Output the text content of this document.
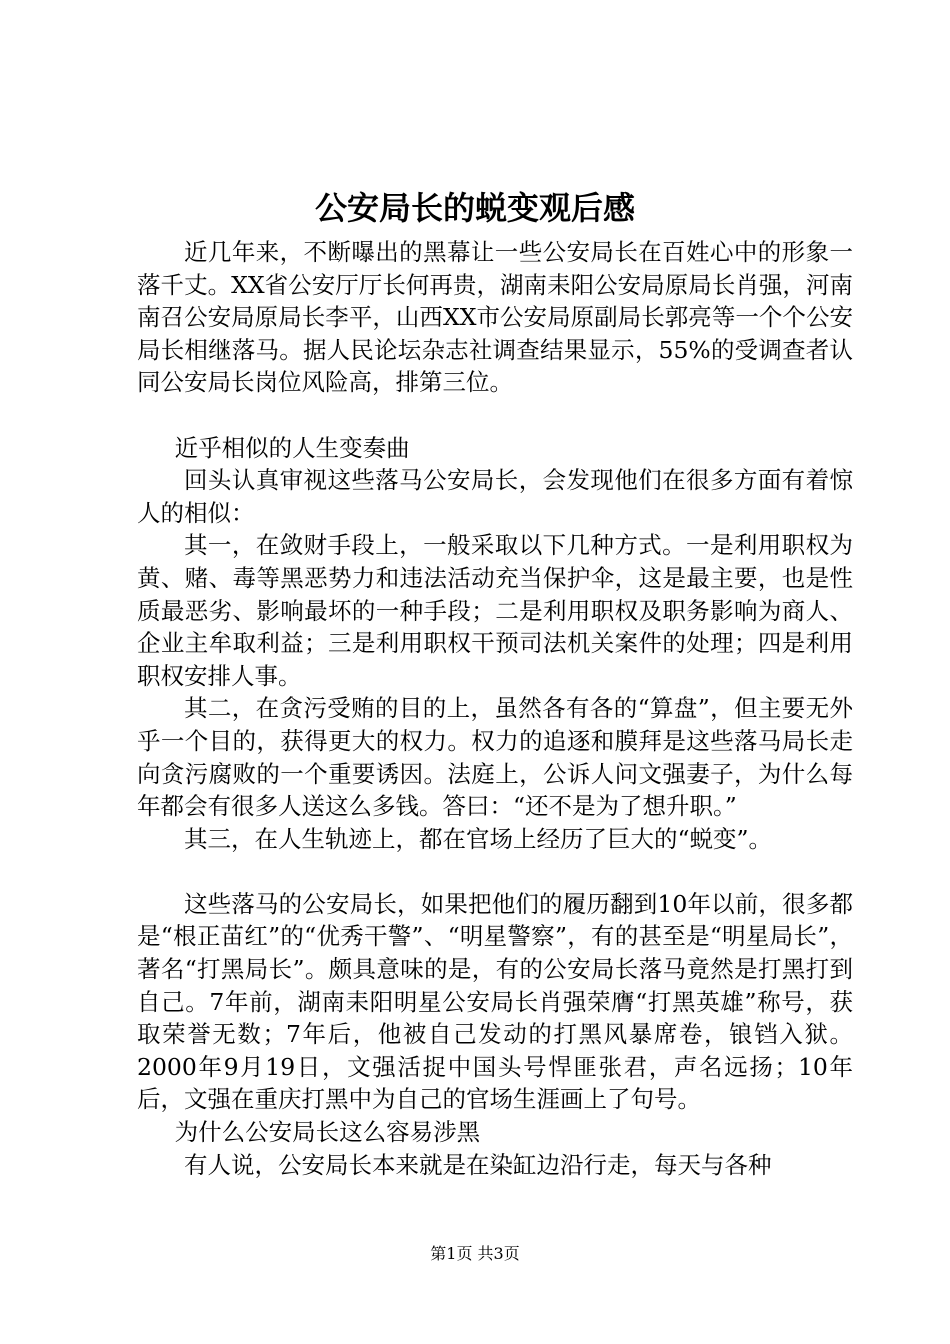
公安局长的蜕变观后感

近几年来，不断曝出的黑幕让一些公安局长在百姓心中的形象一落千丈。XX省公安厅厅长何再贵，湖南耒阳公安局原局长肖强，河南南召公安局原局长李平，山西XX市公安局原副局长郭亮等一个个公安局长相继落马。据人民论坛杂志社调查结果显示，55%的受调查者认同公安局长岗位风险高，排第三位。

近乎相似的人生变奏曲

回头认真审视这些落马公安局长，会发现他们在很多方面有着惊人的相似：

其一，在敛财手段上，一般采取以下几种方式。一是利用职权为黄、赌、毒等黑恶势力和违法活动充当保护伞，这是最主要，也是性质最恶劣、影响最坏的一种手段；二是利用职权及职务影响为商人、企业主牟取利益；三是利用职权干预司法机关案件的处理；四是利用职权安排人事。

其二，在贪污受贿的目的上，虽然各有各的“算盘”，但主要无外乎一个目的，获得更大的权力。权力的追逐和膜拜是这些落马局长走向贪污腐败的一个重要诱因。法庭上，公诉人问文强妻子，为什么每年都会有很多人送这么多钱。答曰：“还不是为了想升职。”

其三，在人生轨迹上，都在官场上经历了巨大的“蜕变”。

这些落马的公安局长，如果把他们的履历翻到10年以前，很多都是“根正苗红”的“优秀干警”、“明星警察”，有的甚至是“明星局长”，著名“打黑局长”。颇具意味的是，有的公安局长落马竟然是打黑打到自己。7年前，湖南耒阳明星公安局长肖强荣膺“打黑英雄”称号，获取荣誉无数；7年后，他被自己发动的打黑风暴席卷，锒铛入狱。2000年9月19日，文强活捉中国头号悍匪张君，声名远扬；10年后，文强在重庆打黑中为自己的官场生涯画上了句号。

为什么公安局长这么容易涉黑

有人说，公安局长本来就是在染缸边沿行走，每天与各种

第1页 共3页
